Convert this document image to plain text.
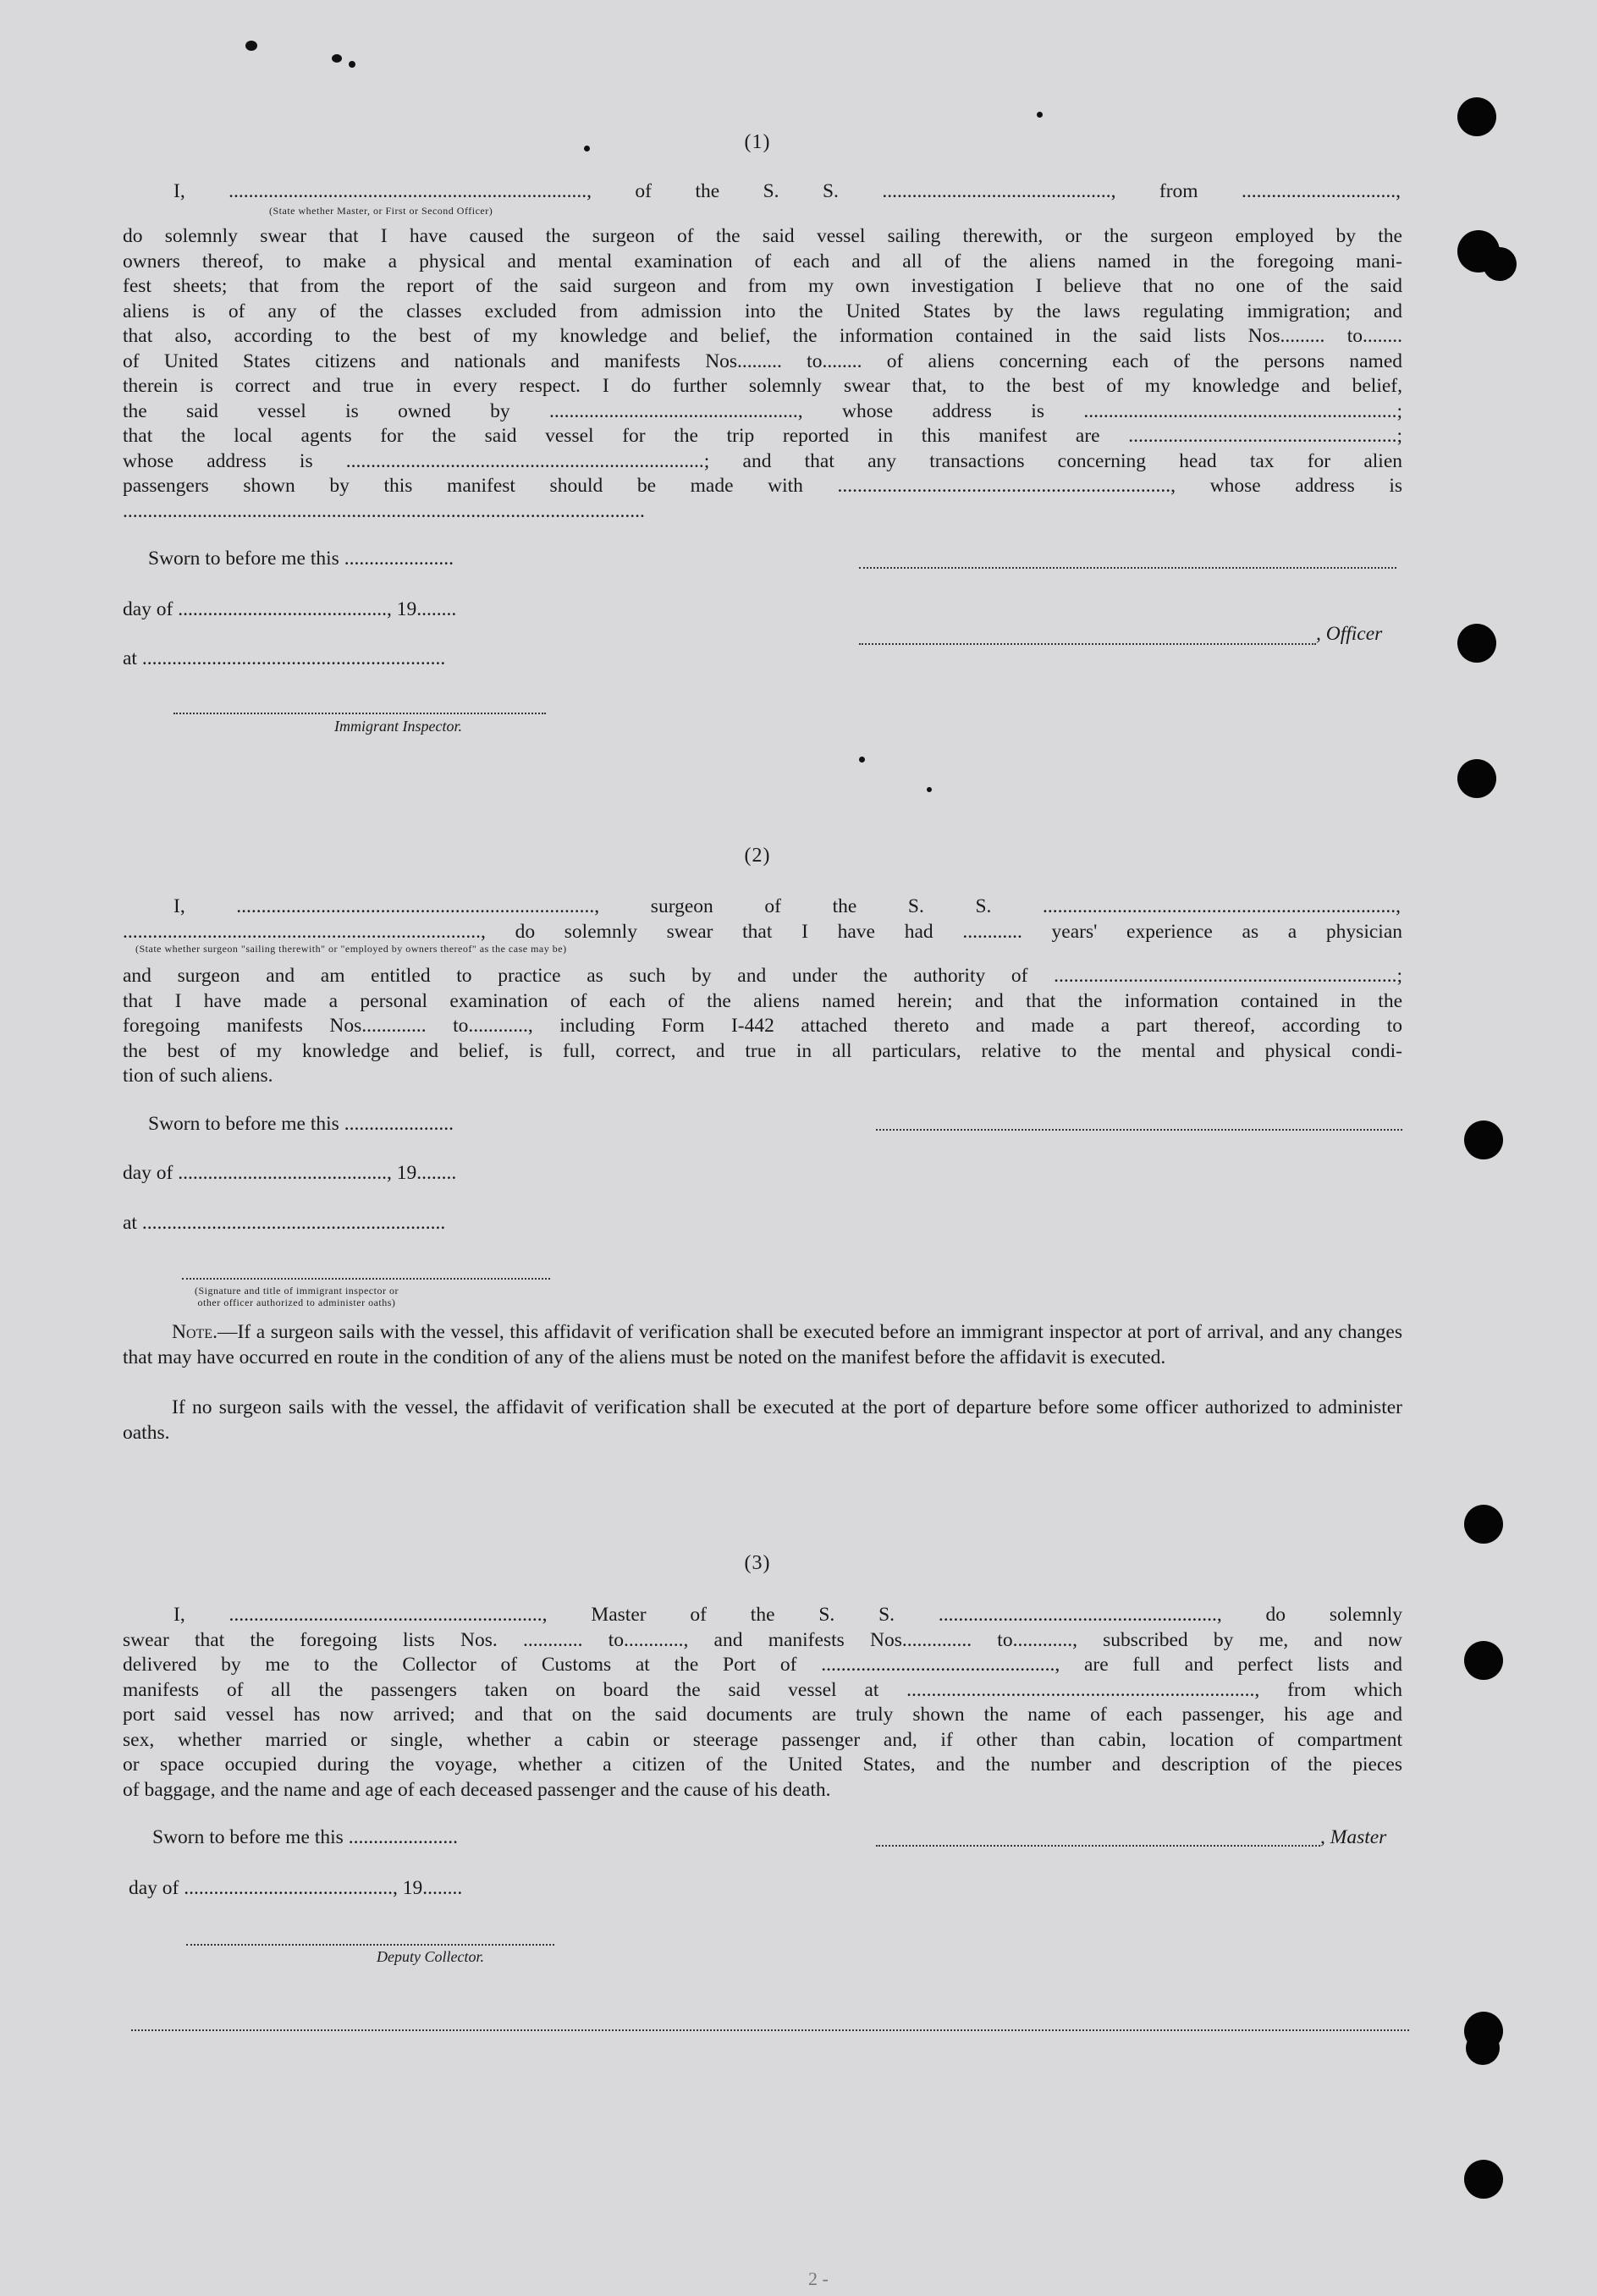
(1)
I, ........................................................................, of the S. S. .............................................., from ...............................,
(State whether Master, or First or Second Officer)
do solemnly swear that I have caused the surgeon of the said vessel sailing therewith, or the surgeon employed by the
owners thereof, to make a physical and mental examination of each and all of the aliens named in the foregoing mani-
fest sheets; that from the report of the said surgeon and from my own investigation I believe that no one of the said
aliens is of any of the classes excluded from admission into the United States by the laws regulating immigration; and
that also, according to the best of my knowledge and belief, the information contained in the said lists Nos......... to........
of United States citizens and nationals and manifests Nos......... to........ of aliens concerning each of the persons named
therein is correct and true in every respect. I do further solemnly swear that, to the best of my knowledge and belief,
the said vessel is owned by .................................................., whose address is ...............................................................;
that the local agents for the said vessel for the trip reported in this manifest are ......................................................;
whose address is ........................................................................; and that any transactions concerning head tax for alien
passengers shown by this manifest should be made with ..................................................................., whose address is
.........................................................................................................
Sworn to before me this ......................
day of .........................................., 19........
at .............................................................
Immigrant Inspector.
, Officer
(2)
I, ........................................................................, surgeon of the S. S. .......................................................................,
........................................................................, do solemnly swear that I have had ............ years' experience as a physician
(State whether surgeon "sailing therewith" or "employed by owners thereof" as the case may be)
and surgeon and am entitled to practice as such by and under the authority of .....................................................................;
that I have made a personal examination of each of the aliens named herein; and that the information contained in the
foregoing manifests Nos............. to............, including Form I-442 attached thereto and made a part thereof, according to
the best of my knowledge and belief, is full, correct, and true in all particulars, relative to the mental and physical condi-
tion of such aliens.
Sworn to before me this ......................
day of .........................................., 19........
at .............................................................
(Signature and title of immigrant inspector or
other officer authorized to administer oaths)
Note.—If a surgeon sails with the vessel, this affidavit of verification shall be executed before an immigrant inspector at port of arrival, and any changes that may have occurred en route in the condition of any of the aliens must be noted on the manifest before the affidavit is executed.
If no surgeon sails with the vessel, the affidavit of verification shall be executed at the port of departure before some officer authorized to administer oaths.
(3)
I, ..............................................................., Master of the S. S. ........................................................, do solemnly
swear that the foregoing lists Nos. ............ to............, and manifests Nos.............. to............, subscribed by me, and now
delivered by me to the Collector of Customs at the Port of ..............................................., are full and perfect lists and
manifests of all the passengers taken on board the said vessel at ......................................................................, from which
port said vessel has now arrived; and that on the said documents are truly shown the name of each passenger, his age and
sex, whether married or single, whether a cabin or steerage passenger and, if other than cabin, location of compartment
or space occupied during the voyage, whether a citizen of the United States, and the number and description of the pieces
of baggage, and the name and age of each deceased passenger and the cause of his death.
Sworn to before me this ......................
day of .........................................., 19........
Deputy Collector.
, Master
2 -
